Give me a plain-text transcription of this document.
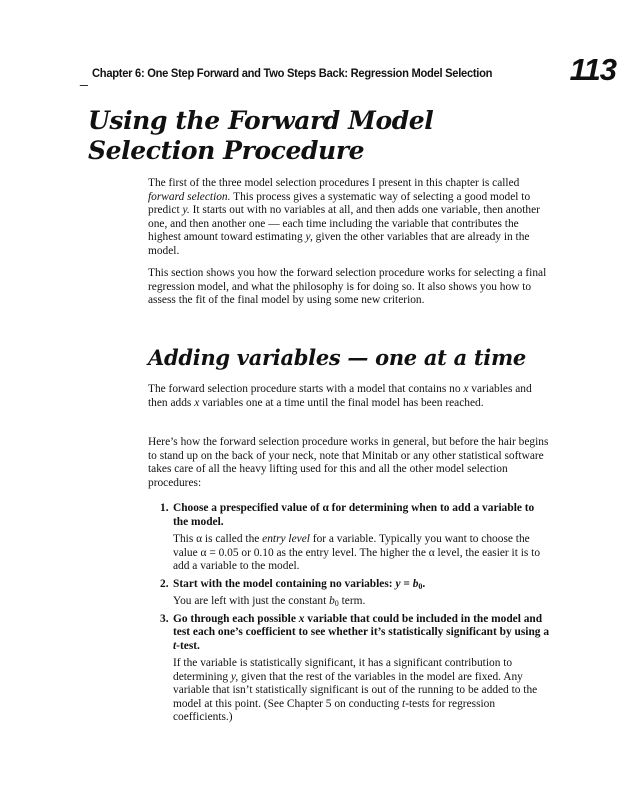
_ Chapter 6: One Step Forward and Two Steps Back: Regression Model Selection 113
Using the Forward Model
Selection Procedure

The first of the three model selection procedures I present in this chapter is called forward selection. This process gives a systematic way of selecting a good model to predict y. It starts out with no variables at all, and then adds one variable, then another one, and then another one — each time including the variable that contributes the highest amount toward estimating y, given the other variables that are already in the model.

This section shows you how the forward selection procedure works for selecting a final regression model, and what the philosophy is for doing so. It also shows you how to assess the fit of the final model by using some new criterion.

Adding variables — one at a time

The forward selection procedure starts with a model that contains no x variables and then adds x variables one at a time until the final model has been reached.

Here’s how the forward selection procedure works in general, but before the hair begins to stand up on the back of your neck, note that Minitab or any other statistical software takes care of all the heavy lifting used for this and all the other model selection procedures:

1. Choose a prespecified value of α for determining when to add a variable to the model.
This α is called the entry level for a variable. Typically you want to choose the value α = 0.05 or 0.10 as the entry level. The higher the α level, the easier it is to add a variable to the model.
2. Start with the model containing no variables: $y = b_0$.
You are left with just the constant $b_0$ term.
3. Go through each possible x variable that could be included in the model and test each one’s coefficient to see whether it’s statistically significant by using a t-test.
If the variable is statistically significant, it has a significant contribution to determining y, given that the rest of the variables in the model are fixed. Any variable that isn’t statistically significant is out of the running to be added to the model at this point. (See Chapter 5 on conducting t-tests for regression coefficients.)
